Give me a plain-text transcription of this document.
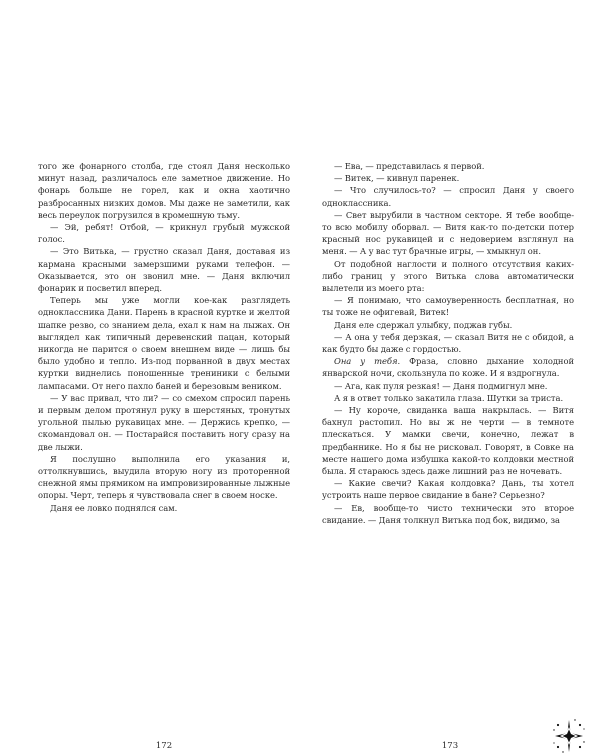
того же фонарного столба, где стоял Даня несколько минут назад, различалось еле заметное движение. Но фонарь больше не горел, как и окна хаотично разбросанных низких домов. Мы даже не заметили, как весь переулок погрузился в кромешную тьму.

— Эй, ребят! Отбой, — крикнул грубый мужской голос.

— Это Витька, — грустно сказал Даня, доставая из кармана красными замерзшими руками телефон. — Оказывается, это он звонил мне. — Даня включил фонарик и посветил вперед.

Теперь мы уже могли кое-как разглядеть одноклассника Дани. Парень в красной куртке и желтой шапке резво, со знанием дела, ехал к нам на лыжах. Он выглядел как типичный деревенский пацан, который никогда не парится о своем внешнем виде — лишь бы было удобно и тепло. Из-под порванной в двух местах куртки виднелись поношенные трениники с белыми лампасами. От него пахло баней и березовым веником.

— У вас привал, что ли? — со смехом спросил парень и первым делом протянул руку в шерстяных, тронутых угольной пылью рукавицах мне. — Держись крепко, — скомандовал он. — Постарайся поставить ногу сразу на две лыжи.

Я послушно выполнила его указания и, оттолкнувшись, выудила вторую ногу из протоpенной снежной ямы прямиком на импровизированные лыжные опоры. Черт, теперь я чувствовала снег в своем носке.

Даня ее ловко поднялся сам.

172

— Ева, — представилась я первой.

— Витек, — кивнул паренек.

— Что случилось-то? — спросил Даня у своего одноклассника.

— Свет вырубили в частном секторе. Я тебе вообще-то всю мобилу оборвал. — Витя как-то по-детски потер красный нос рукавицей и с недоверием взглянул на меня. — А у вас тут брачные игры, — хмыкнул он.

От подобной наглости и полного отсутствия каких-либо границ у этого Витька слова автоматически вылетели из моего рта:

— Я понимаю, что самоуверенность бесплатная, но ты тоже не офигевай, Витек!

Даня еле сдержал улыбку, поджав губы.

— А она у тебя дерзкая, — сказал Витя не с обидой, а как будто бы даже с гордостью.

Она у тебя. Фраза, словно дыхание холодной январской ночи, скользнула по коже. И я вздрогнула.

— Ага, как пуля резкая! — Даня подмигнул мне.

А я в ответ только закатила глаза. Шутки за триста.

— Ну короче, свиданка ваша накрылась. — Витя бахнул растопил. Но вы ж не черти — в темноте плескаться. У мамки свечи, конечно, лежат в предбаннике. Но я бы не рисковал. Говорят, в Совке на месте нашего дома избушка какой-то колдовки местной была. Я стараюсь здесь даже лишний раз не ночевать.

— Какие свечи? Какая колдовка? Дань, ты хотел устроить наше первое свидание в бане? Серьезно?

— Ев, вообще-то чисто технически это второе свидание. — Даня толкнул Витька под бок, видимо, за

173
